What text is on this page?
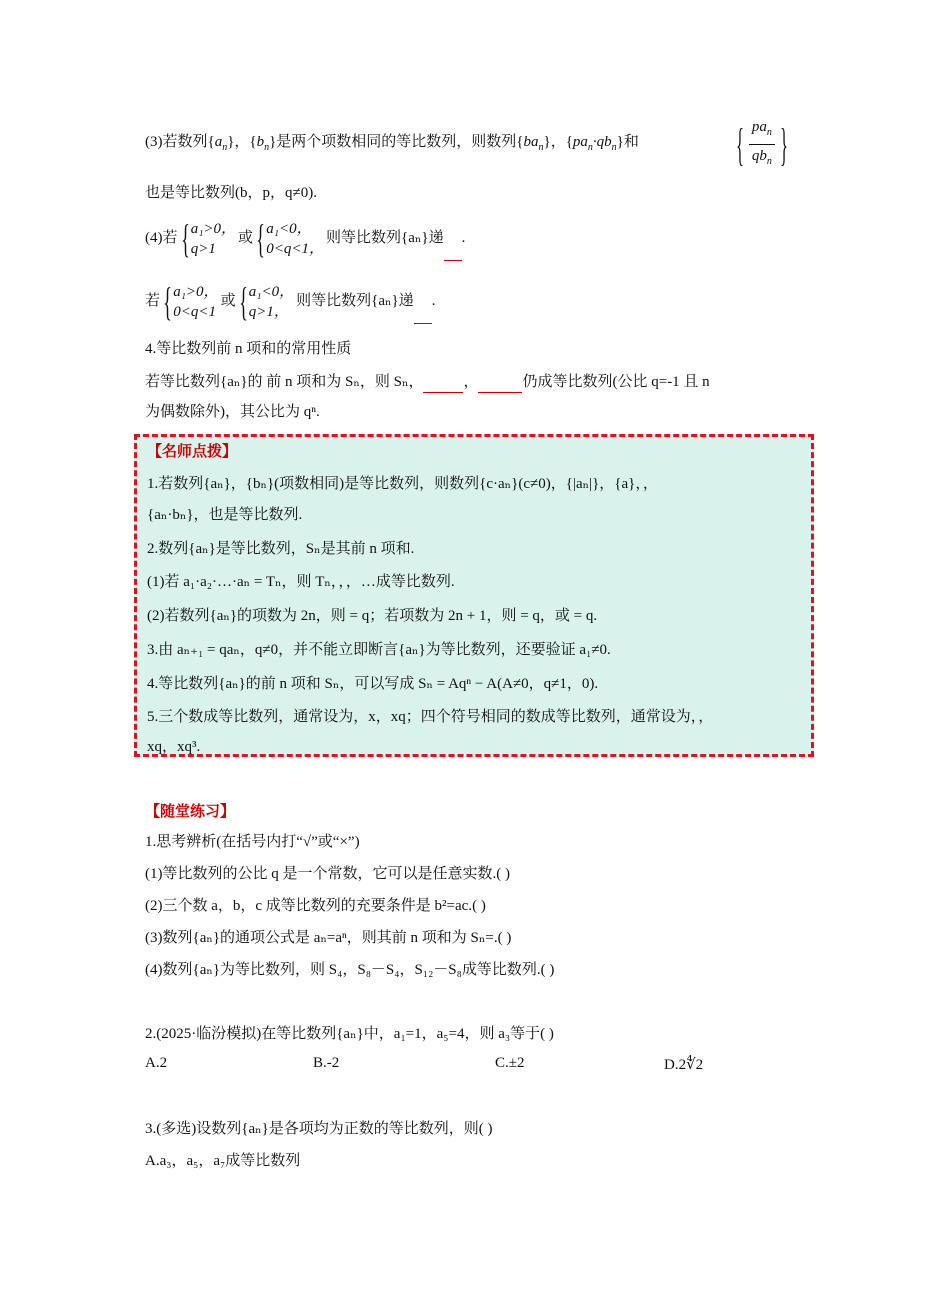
(3)若数列$\{a_n\}$，$\{b_n\}$是两个项数相同的等比数列，则数列$\{ba_n\}$，$\{pa_n\cdot qb_n\}$和 { $\frac{pa_n}{qb_n}$ }
也是等比数列(b，p，q≠0).
(4)若 { a₁>0，
q>1
或 { a₁<0，
0<q<1，
则等比数列{aₙ}递 .
若 { a₁>0，
0<q<1
或 { a₁<0，
q>1，
则等比数列{aₙ}递 .
4.等比数列前 n 项和的常用性质
若等比数列{aₙ}的 前 n 项和为 Sₙ，则 Sₙ，	，	仍成等比数列(公比 q=-1 且 n
为偶数除外)，其公比为 qⁿ.
【名师点拨】
1.若数列{aₙ}，{bₙ}(项数相同)是等比数列，则数列{c·aₙ}(c≠0)，{|aₙ|}，{a}，，
{aₙ·bₙ}，也是等比数列.
2.数列{aₙ}是等比数列，Sₙ是其前 n 项和.
(1)若 a₁·a₂·…·aₙ = Tₙ，则 Tₙ，，，…成等比数列.
(2)若数列{aₙ}的项数为 2n，则 = q；若项数为 2n + 1，则 = q，或 = q.
3.由 aₙ₊₁ = qaₙ，q≠0，并不能立即断言{aₙ}为等比数列，还要验证 a₁≠0.
4.等比数列{aₙ}的前 n 项和 Sₙ，可以写成 Sₙ = Aqⁿ − A(A≠0，q≠1，0).
5.三个数成等比数列，通常设为，x，xq；四个符号相同的数成等比数列，通常设为，，
xq，xq³.
【随堂练习】
1.思考辨析(在括号内打“√”或“×”)
(1)等比数列的公比 q 是一个常数，它可以是任意实数.( )
(2)三个数 a，b，c 成等比数列的充要条件是 b²=ac.( )
(3)数列{aₙ}的通项公式是 aₙ=aⁿ，则其前 n 项和为 Sₙ=.( )
(4)数列{aₙ}为等比数列，则 S₄，S₈－S₄，S₁₂－S₈成等比数列.( )
2.(2025·临汾模拟)在等比数列{aₙ}中，a₁=1，a₅=4，则 a₃等于( )
A.2	B.-2	C.±2	D.2∜2
3.(多选)设数列{aₙ}是各项均为正数的等比数列，则( )
A.a₃，a₅，a₇成等比数列
